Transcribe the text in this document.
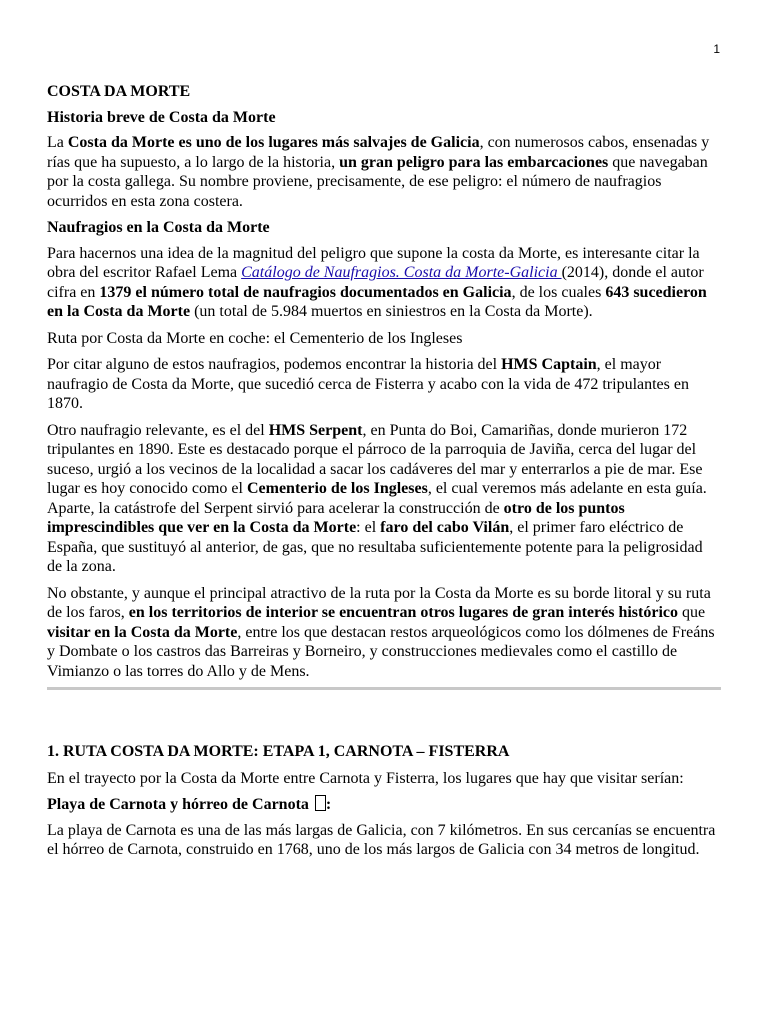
1
COSTA DA MORTE
Historia breve de Costa da Morte

La Costa da Morte es uno de los lugares más salvajes de Galicia, con numerosos cabos, ensenadas y rías que ha supuesto, a lo largo de la historia, un gran peligro para las embarcaciones que navegaban por la costa gallega. Su nombre proviene, precisamente, de ese peligro: el número de naufragios ocurridos en esta zona costera.

Naufragios en la Costa da Morte

Para hacernos una idea de la magnitud del peligro que supone la costa da Morte, es interesante citar la obra del escritor Rafael Lema Catálogo de Naufragios. Costa da Morte-Galicia (2014), donde el autor cifra en 1379 el número total de naufragios documentados en Galicia, de los cuales 643 sucedieron en la Costa da Morte (un total de 5.984 muertos en siniestros en la Costa da Morte).

Ruta por Costa da Morte en coche: el Cementerio de los Ingleses

Por citar alguno de estos naufragios, podemos encontrar la historia del HMS Captain, el mayor naufragio de Costa da Morte, que sucedió cerca de Fisterra y acabo con la vida de 472 tripulantes en 1870.

Otro naufragio relevante, es el del HMS Serpent, en Punta do Boi, Camariñas, donde murieron 172 tripulantes en 1890. Este es destacado porque el párroco de la parroquia de Javiña, cerca del lugar del suceso, urgió a los vecinos de la localidad a sacar los cadáveres del mar y enterrarlos a pie de mar. Ese lugar es hoy conocido como el Cementerio de los Ingleses, el cual veremos más adelante en esta guía. Aparte, la catástrofe del Serpent sirvió para acelerar la construcción de otro de los puntos imprescindibles que ver en la Costa da Morte: el faro del cabo Vilán, el primer faro eléctrico de España, que sustituyó al anterior, de gas, que no resultaba suficientemente potente para la peligrosidad de la zona.

No obstante, y aunque el principal atractivo de la ruta por la Costa da Morte es su borde litoral y su ruta de los faros, en los territorios de interior se encuentran otros lugares de gran interés histórico que visitar en la Costa da Morte, entre los que destacan restos arqueológicos como los dólmenes de Freáns y Dombate o los castros das Barreiras y Borneiro, y construcciones medievales como el castillo de Vimianzo o las torres do Allo y de Mens.

1. RUTA COSTA DA MORTE: ETAPA 1, CARNOTA – FISTERRA

En el trayecto por la Costa da Morte entre Carnota y Fisterra, los lugares que hay que visitar serían:

Playa de Carnota y hórreo de Carnota :

La playa de Carnota es una de las más largas de Galicia, con 7 kilómetros. En sus cercanías se encuentra el hórreo de Carnota, construido en 1768, uno de los más largos de Galicia con 34 metros de longitud.
